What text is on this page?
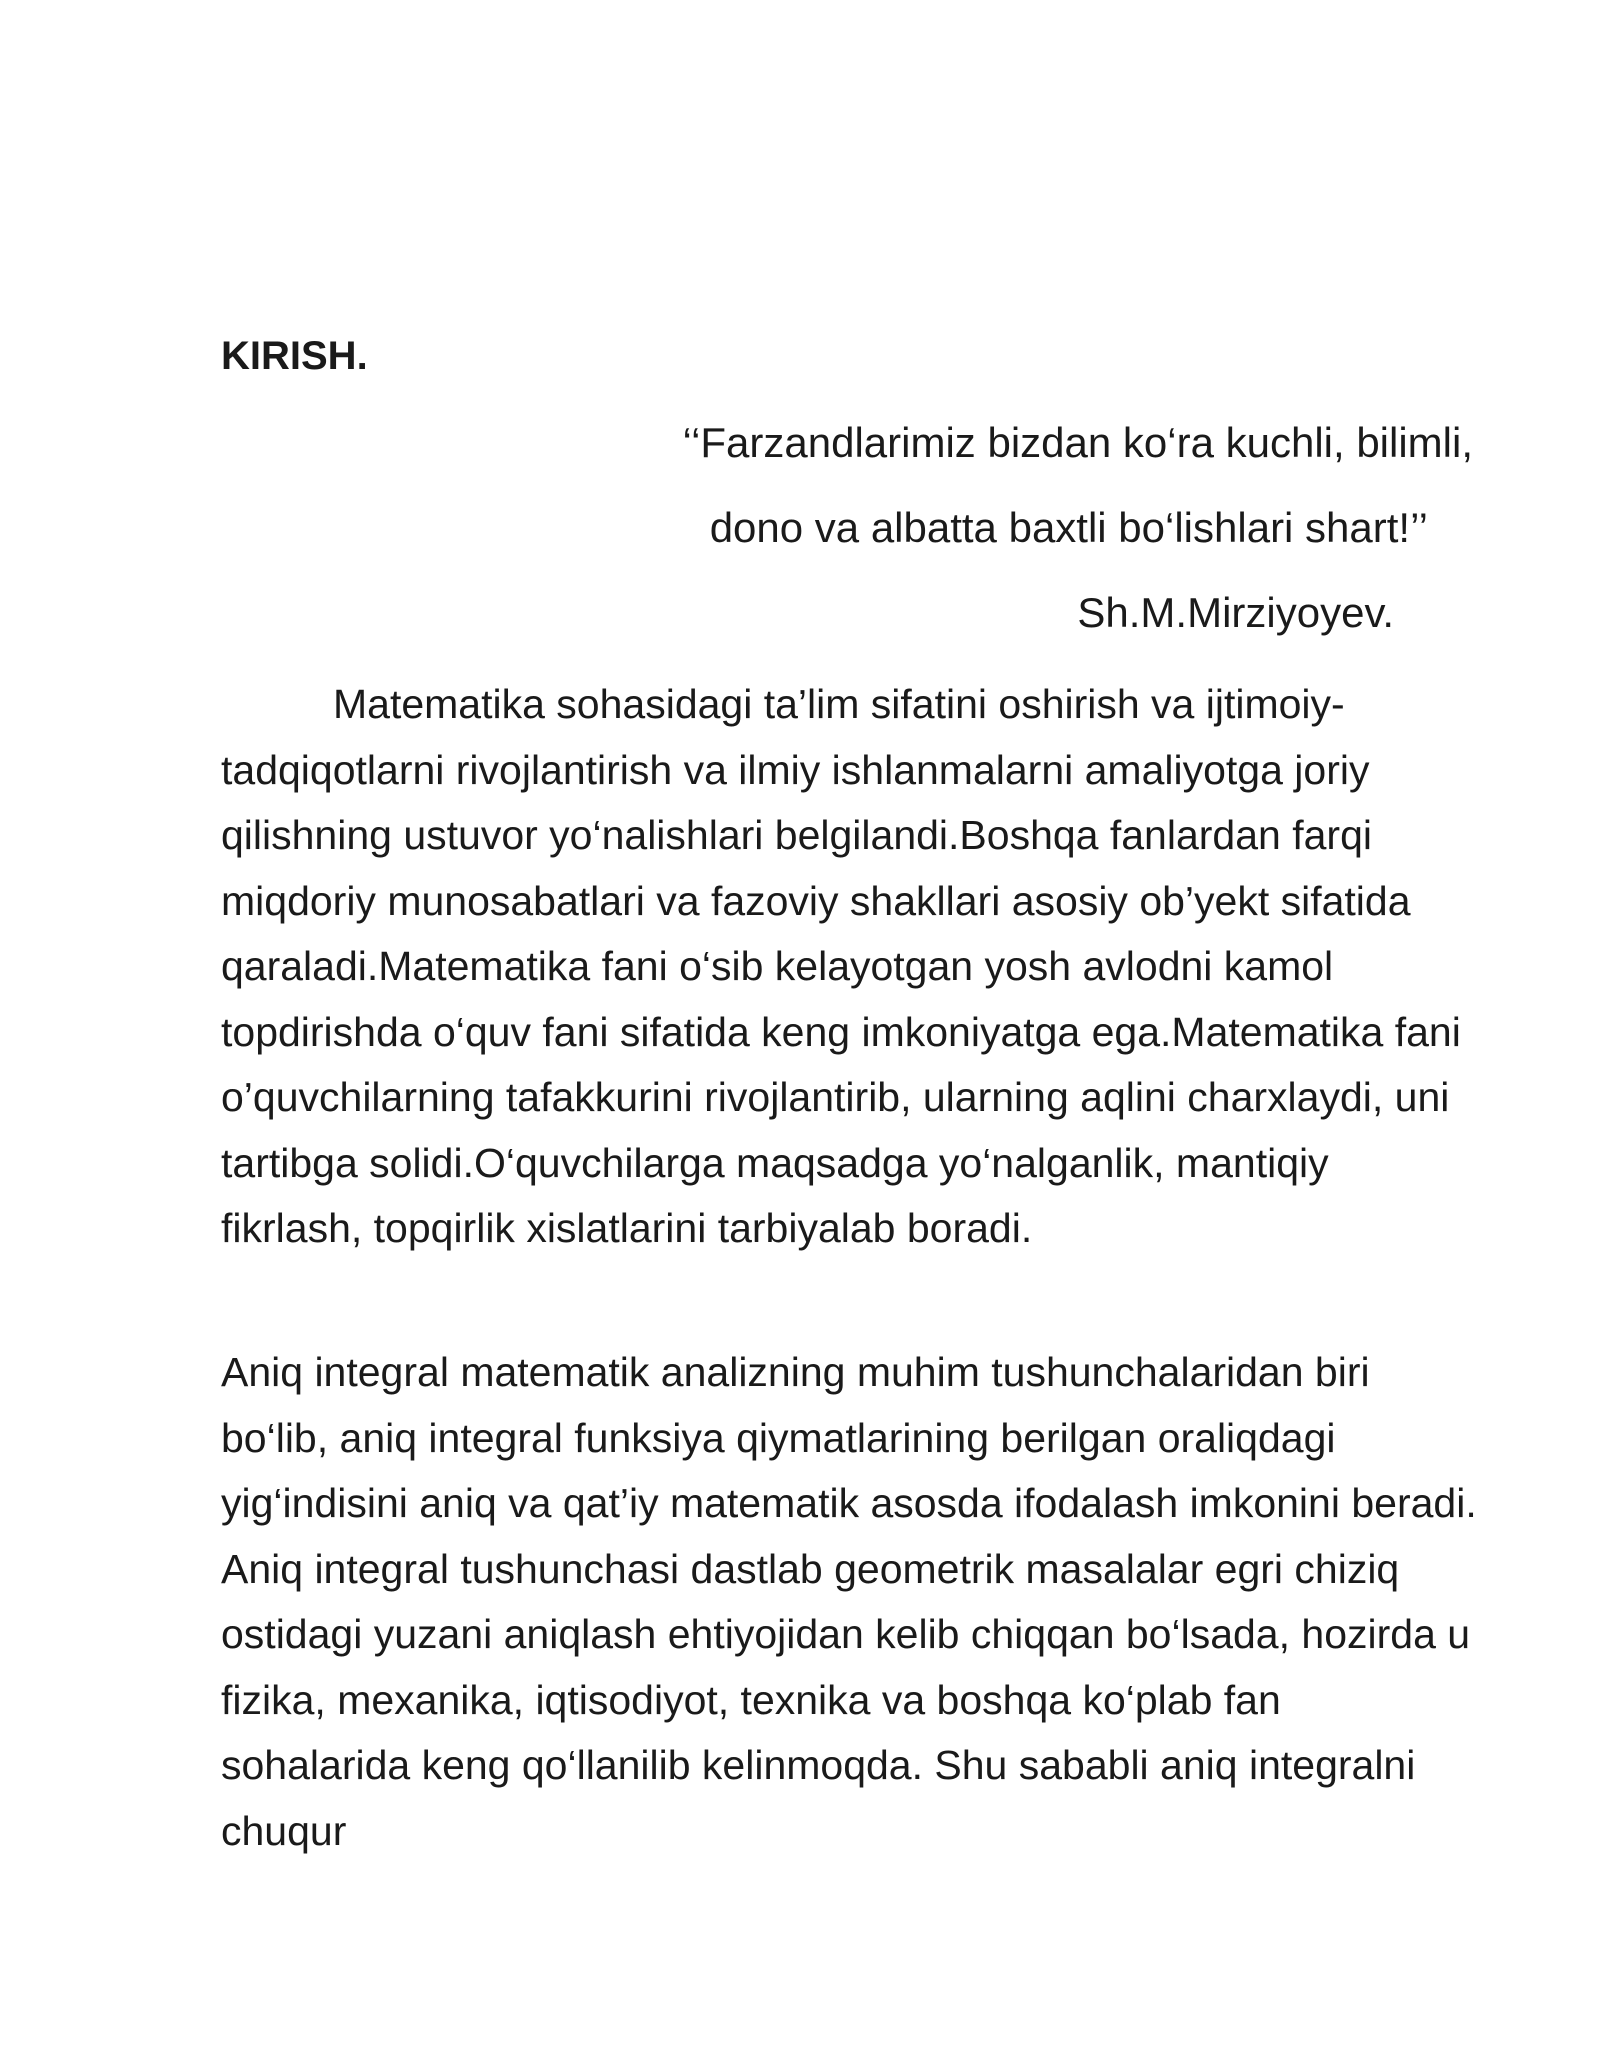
KIRISH.

‘‘Farzandlarimiz bizdan ko‘ra kuchli, bilimli,

dono va albatta baxtli bo‘lishlari shart!’’

Sh.M.Mirziyoyev.

Matematika sohasidagi ta’lim sifatini oshirish va ijtimoiy-tadqiqotlarni rivojlantirish va ilmiy ishlanmalarni amaliyotga joriy qilishning ustuvor yo‘nalishlari belgilandi.Boshqa fanlardan farqi miqdoriy munosabatlari va fazoviy shakllari asosiy ob’yekt sifatida qaraladi.Matematika fani o‘sib kelayotgan yosh avlodni kamol topdirishda o‘quv fani sifatida keng imkoniyatga ega.Matematika fani o’quvchilarning tafakkurini rivojlantirib, ularning aqlini charxlaydi, uni tartibga solidi.O‘quvchilarga maqsadga yo‘nalganlik, mantiqiy fikrlash, topqirlik xislatlarini tarbiyalab boradi.

Aniq integral matematik analizning muhim tushunchalaridan biri bo‘lib, aniq integral funksiya qiymatlarining berilgan oraliqdagi yig‘indisini aniq va qat’iy matematik asosda ifodalash imkonini beradi. Aniq integral tushunchasi dastlab geometrik masalalar egri chiziq ostidagi yuzani aniqlash ehtiyojidan kelib chiqqan bo‘lsada, hozirda u fizika, mexanika, iqtisodiyot, texnika va boshqa ko‘plab fan sohalarida keng qo‘llanilib kelinmoqda. Shu sababli aniq integralni chuqur
